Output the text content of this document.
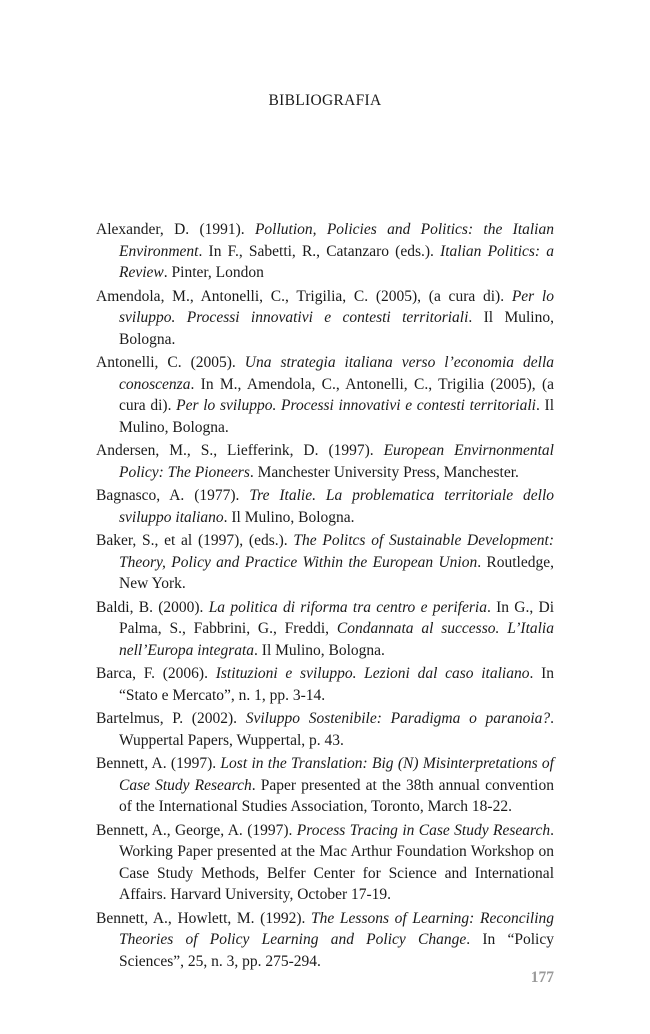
BIBLIOGRAFIA

Alexander, D. (1991). Pollution, Policies and Politics: the Italian Environment. In F., Sabetti, R., Catanzaro (eds.). Italian Politics: a Review. Pinter, London

Amendola, M., Antonelli, C., Trigilia, C. (2005), (a cura di). Per lo sviluppo. Processi innovativi e contesti territoriali. Il Mulino, Bologna.

Antonelli, C. (2005). Una strategia italiana verso l’economia della conoscenza. In M., Amendola, C., Antonelli, C., Trigilia (2005), (a cura di). Per lo sviluppo. Processi innovativi e contesti territoriali. Il Mulino, Bologna.

Andersen, M., S., Liefferink, D. (1997). European Envirnonmental Policy: The Pioneers. Manchester University Press, Manchester.

Bagnasco, A. (1977). Tre Italie. La problematica territoriale dello sviluppo italiano. Il Mulino, Bologna.

Baker, S., et al (1997), (eds.). The Politcs of Sustainable Development: Theory, Policy and Practice Within the European Union. Routledge, New York.

Baldi, B. (2000). La politica di riforma tra centro e periferia. In G., Di Palma, S., Fabbrini, G., Freddi, Condannata al successo. L’Italia nell’Europa integrata. Il Mulino, Bologna.

Barca, F. (2006). Istituzioni e sviluppo. Lezioni dal caso italiano. In “Stato e Mercato”, n. 1, pp. 3-14.

Bartelmus, P. (2002). Sviluppo Sostenibile: Paradigma o paranoia?. Wuppertal Papers, Wuppertal, p. 43.

Bennett, A. (1997). Lost in the Translation: Big (N) Misinterpretations of Case Study Research. Paper presented at the 38th annual convention of the International Studies Association, Toronto, March 18-22.

Bennett, A., George, A. (1997). Process Tracing in Case Study Research. Working Paper presented at the Mac Arthur Foundation Workshop on Case Study Methods, Belfer Center for Science and International Affairs. Harvard University, October 17-19.

Bennett, A., Howlett, M. (1992). The Lessons of Learning: Reconciling Theories of Policy Learning and Policy Change. In “Policy Sciences”, 25, n. 3, pp. 275-294.

177
